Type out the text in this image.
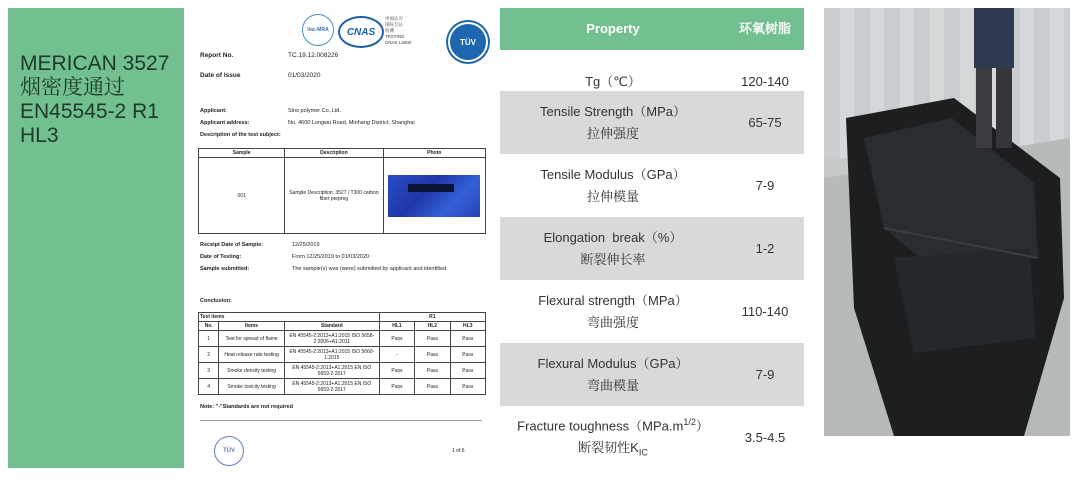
MERICAN 3527
烟密度通过
EN45545-2 R1
HL3
ilac-MRA	CNAS
中国认可
国际互认
检测
TESTING
CNAS L4000	TÜV
Report No.	TC.19.12.008226
Date of Issue	01/03/2020
Applicant:	Sino polymer Co.,Ltd.
Applicant address:	No. 4600 Longwu Road, Minhang District, Shanghai
Description of the test subject:
Sample	Description	Photo
001	Sample Description: 3527 / T300 carbon fiber prepreg	
Receipt Date of Sample:	12/25/2019
Date of Testing:	From 12/25/2019 to 01/03/2020
Sample submitted:	The sample(s) was (were) submitted by applicant and identified.
Conclusion:
Test items			R1		
No.	Items	Standard	HL1	HL2	HL3
1	Test for spread of flame	EN 45545-2:2013+A1:2015 ISO 5658-2:2006+A1:2011	Pass	Pass	Pass
2	Heat release rate testing	EN 45545-2:2013+A1:2015 ISO 5660-1:2015	-	Pass	Pass
3	Smoke density testing	EN 45545-2:2013+A1:2015 EN ISO 5659-2:2017	Pass	Pass	Pass
4	Smoke toxicity testing	EN 45545-2:2013+A1:2015 EN ISO 5659-2:2017	Pass	Pass	Pass
Note: "-"Standards are not required
TÜV	1 of 6
Property	环氧树脂
Tg（℃）	120-140
Tensile Strength（MPa）
拉伸强度
65-75
Tensile Modulus（GPa）
拉伸模量
7-9
Elongation  break（%）
断裂伸长率
1-2
Flexural strength（MPa）
弯曲强度
110-140
Flexural Modulus（GPa）
弯曲模量
7-9
Fracture $toughness(MPa.m^{1/2})$
断裂韧性$K_{IC}$
3.5-4.5
